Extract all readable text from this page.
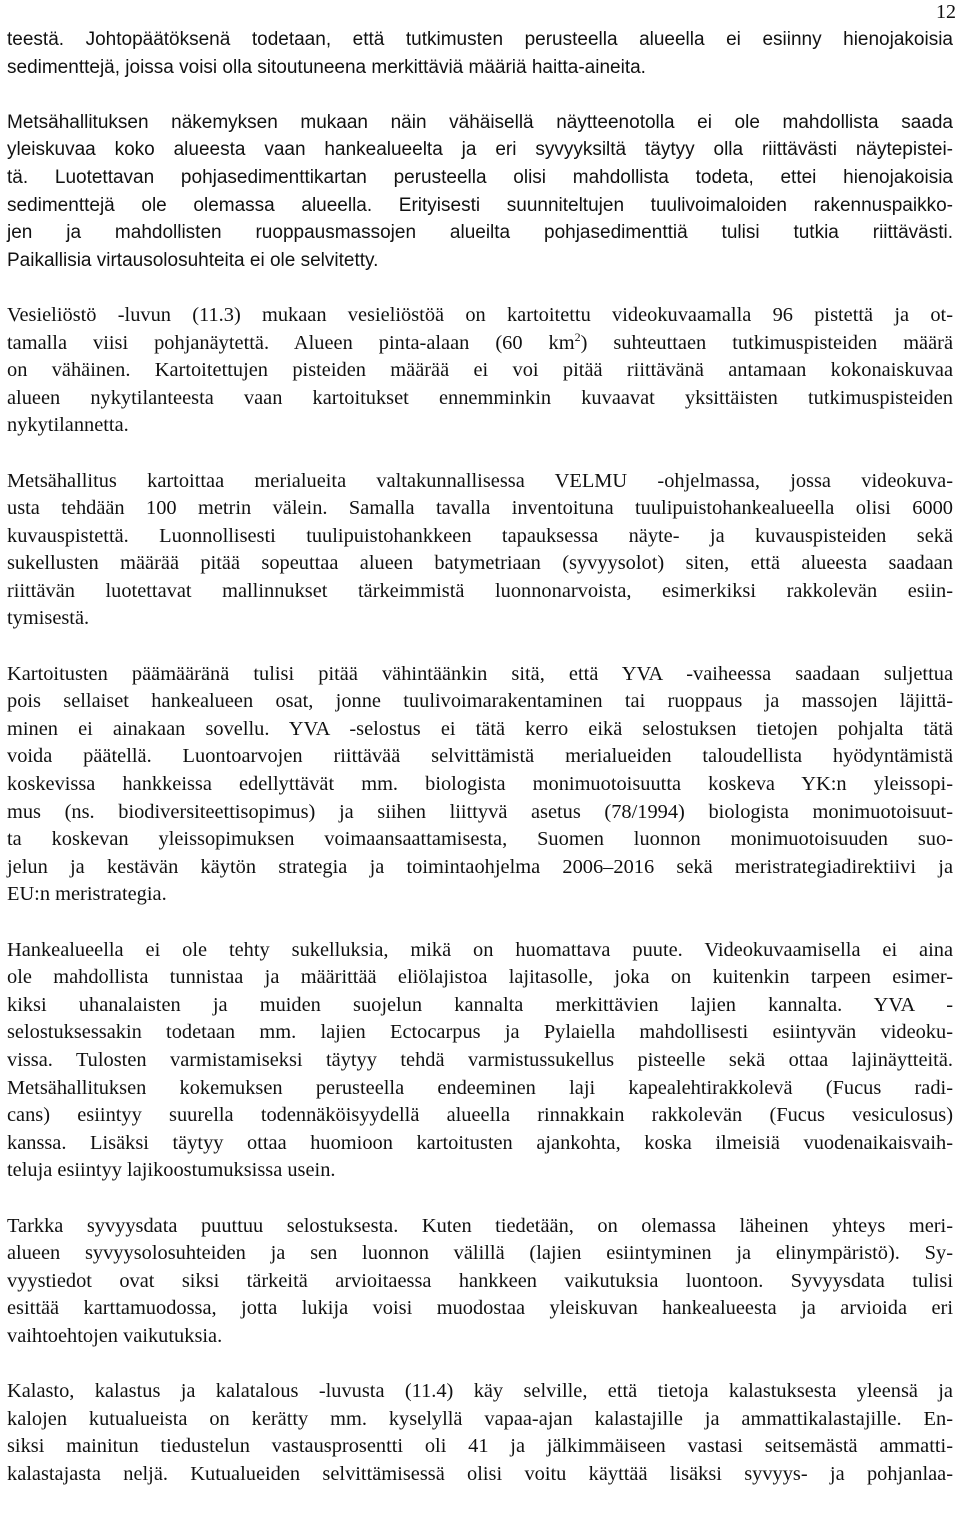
12
teestä. Johtopäätöksenä todetaan, että tutkimusten perusteella alueella ei esiinny hienojakoisia
sedimenttejä, joissa voisi olla sitoutuneena merkittäviä määriä haitta-aineita.
Metsähallituksen näkemyksen mukaan näin vähäisellä näytteenotolla ei ole mahdollista saada
yleiskuvaa koko alueesta vaan hankealueelta ja eri syvyyksiltä täytyy olla riittävästi näytepistei-
tä. Luotettavan pohjasedimenttikartan perusteella olisi mahdollista todeta, ettei hienojakoisia
sedimenttejä ole olemassa alueella. Erityisesti suunniteltujen tuulivoimaloiden rakennuspaikko-
jen ja mahdollisten ruoppausmassojen alueilta pohjasedimenttiä tulisi tutkia riittävästi.
Paikallisia virtausolosuhteita ei ole selvitetty.
Vesieliöstö -luvun (11.3) mukaan vesieliöstöä on kartoitettu videokuvaamalla 96 pistettä ja ot-
tamalla viisi pohjanäytettä. Alueen pinta-alaan (60 $km^2$) suhteuttaen tutkimuspisteiden määrä
on vähäinen. Kartoitettujen pisteiden määrää ei voi pitää riittävänä antamaan kokonaiskuvaa
alueen nykytilanteesta vaan kartoitukset ennemminkin kuvaavat yksittäisten tutkimuspisteiden
nykytilannetta.
Metsähallitus kartoittaa merialueita valtakunnallisessa VELMU -ohjelmassa, jossa videokuva-
usta tehdään 100 metrin välein. Samalla tavalla inventoituna tuulipuistohankealueella olisi 6000
kuvauspistettä. Luonnollisesti tuulipuistohankkeen tapauksessa näyte- ja kuvauspisteiden sekä
sukellusten määrää pitää sopeuttaa alueen batymetriaan (syvyysolot) siten, että alueesta saadaan
riittävän luotettavat mallinnukset tärkeimmistä luonnonarvoista, esimerkiksi rakkolevän esiin-
tymisestä.
Kartoitusten päämääränä tulisi pitää vähintäänkin sitä, että YVA -vaiheessa saadaan suljettua
pois sellaiset hankealueen osat, jonne tuulivoimarakentaminen tai ruoppaus ja massojen läjittä-
minen ei ainakaan sovellu. YVA -selostus ei tätä kerro eikä selostuksen tietojen pohjalta tätä
voida päätellä. Luontoarvojen riittävää selvittämistä merialueiden taloudellista hyödyntämistä
koskevissa hankkeissa edellyttävät mm. biologista monimuotoisuutta koskeva YK:n yleissopi-
mus (ns. biodiversiteettisopimus) ja siihen liittyvä asetus (78/1994) biologista monimuotoisuut-
ta koskevan yleissopimuksen voimaansaattamisesta, Suomen luonnon monimuotoisuuden suo-
jelun ja kestävän käytön strategia ja toimintaohjelma 2006–2016 sekä meristrategiadirektiivi ja
EU:n meristrategia.
Hankealueella ei ole tehty sukelluksia, mikä on huomattava puute. Videokuvaamisella ei aina
ole mahdollista tunnistaa ja määrittää eliölajistoa lajitasolle, joka on kuitenkin tarpeen esimer-
kiksi uhanalaisten ja muiden suojelun kannalta merkittävien lajien kannalta. YVA -
selostuksessakin todetaan mm. lajien Ectocarpus ja Pylaiella mahdollisesti esiintyvän videoku-
vissa. Tulosten varmistamiseksi täytyy tehdä varmistussukellus pisteelle sekä ottaa lajinäytteitä.
Metsähallituksen kokemuksen perusteella endeeminen laji kapealehtirakkolevä (Fucus radi-
cans) esiintyy suurella todennäköisyydellä alueella rinnakkain rakkolevän (Fucus vesiculosus)
kanssa. Lisäksi täytyy ottaa huomioon kartoitusten ajankohta, koska ilmeisiä vuodenaikaisvaih-
teluja esiintyy lajikoostumuksissa usein.
Tarkka syvyysdata puuttuu selostuksesta. Kuten tiedetään, on olemassa läheinen yhteys meri-
alueen syvyysolosuhteiden ja sen luonnon välillä (lajien esiintyminen ja elinympäristö). Sy-
vyystiedot ovat siksi tärkeitä arvioitaessa hankkeen vaikutuksia luontoon. Syvyysdata tulisi
esittää karttamuodossa, jotta lukija voisi muodostaa yleiskuvan hankealueesta ja arvioida eri
vaihtoehtojen vaikutuksia.
Kalasto, kalastus ja kalatalous -luvusta (11.4) käy selville, että tietoja kalastuksesta yleensä ja
kalojen kutualueista on kerätty mm. kyselyllä vapaa-ajan kalastajille ja ammattikalastajille. En-
siksi mainitun tiedustelun vastausprosentti oli 41 ja jälkimmäiseen vastasi seitsemästä ammatti-
kalastajasta neljä. Kutualueiden selvittämisessä olisi voitu käyttää lisäksi syvyys- ja pohjanlaa-
